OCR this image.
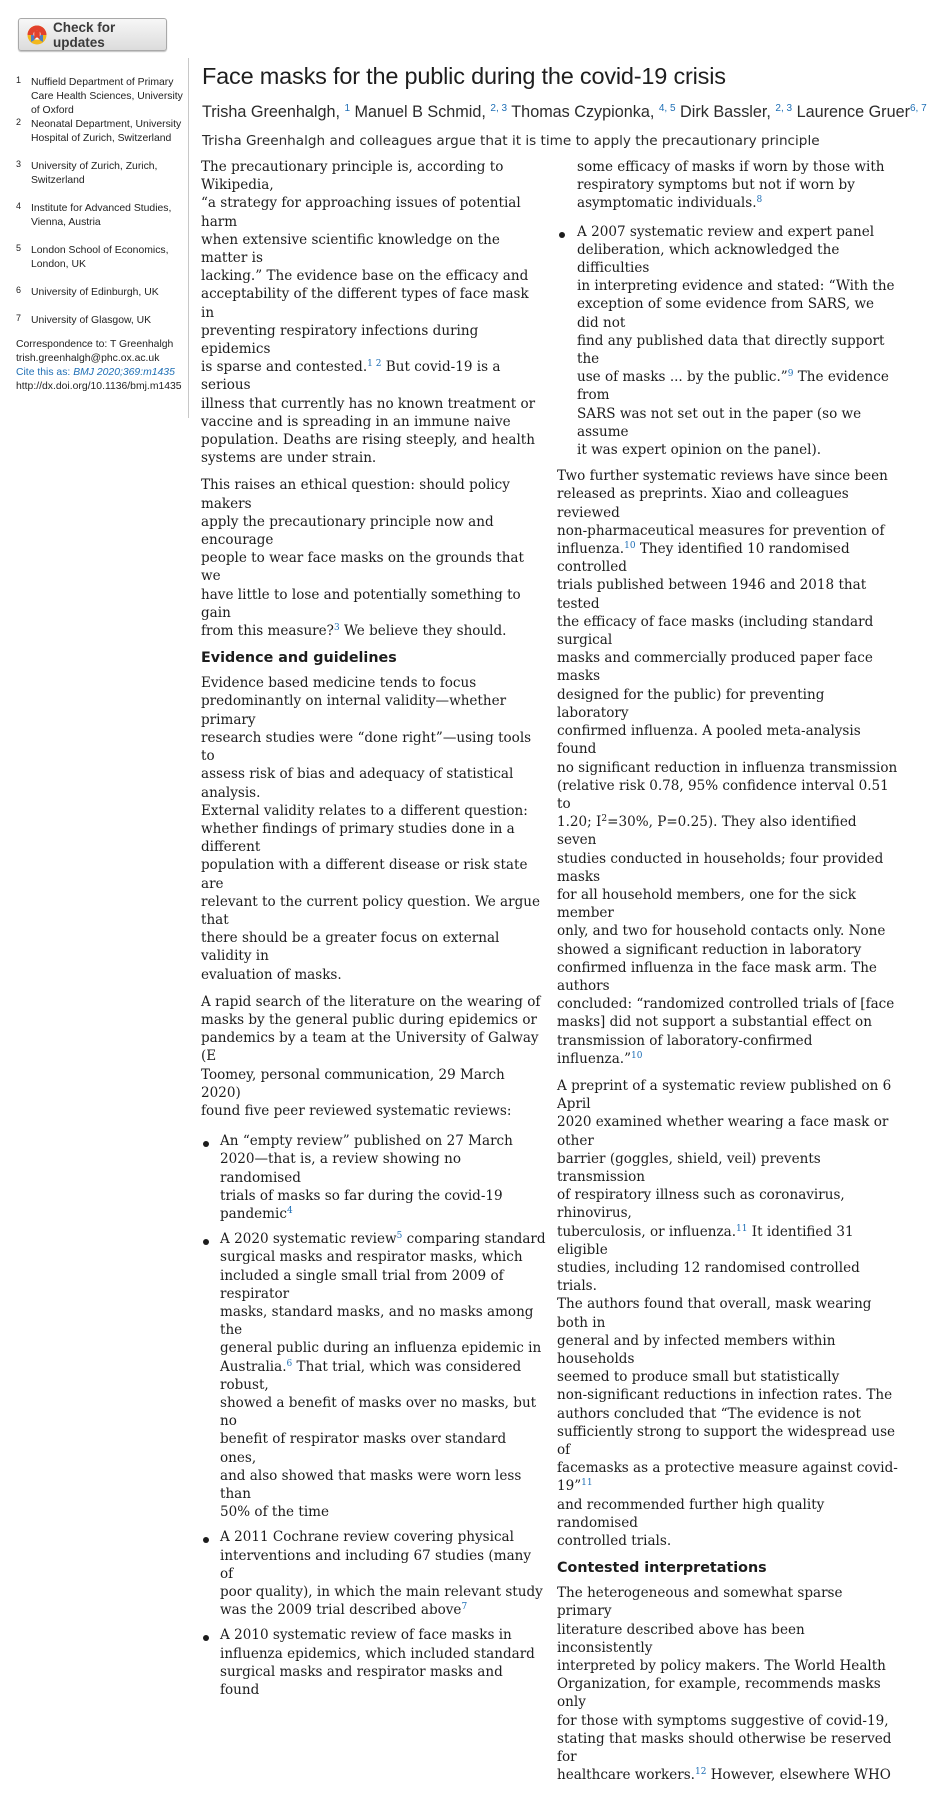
Check for updates
1 Nuffield Department of Primary Care Health Sciences, University of Oxford
2 Neonatal Department, University Hospital of Zurich, Switzerland
3 University of Zurich, Zurich, Switzerland
4 Institute for Advanced Studies, Vienna, Austria
5 London School of Economics, London, UK
6 University of Edinburgh, UK
7 University of Glasgow, UK
Correspondence to: T Greenhalgh
trish.greenhalgh@phc.ox.ac.uk
Cite this as: BMJ 2020;369:m1435
http://dx.doi.org/10.1136/bmj.m1435
Face masks for the public during the covid-19 crisis
Trisha Greenhalgh, $^1$ Manuel B Schmid, $^{2, 3}$ Thomas Czypionka, $^{4, 5}$ Dirk Bassler, $^{2, 3}$ Laurence Gruer$^{6, 7}$
Trisha Greenhalgh and colleagues argue that it is time to apply the precautionary principle

The precautionary principle is, according to Wikipedia,
“a strategy for approaching issues of potential harm
when extensive scientific knowledge on the matter is
lacking.” The evidence base on the efficacy and
acceptability of the different types of face mask in
preventing respiratory infections during epidemics
is sparse and contested.$^{1 2}$ But covid-19 is a serious
illness that currently has no known treatment or
vaccine and is spreading in an immune naive
population. Deaths are rising steeply, and health
systems are under strain.

This raises an ethical question: should policy makers
apply the precautionary principle now and encourage
people to wear face masks on the grounds that we
have little to lose and potentially something to gain
from this measure?$^3$ We believe they should.

Evidence and guidelines

Evidence based medicine tends to focus
predominantly on internal validity—whether primary
research studies were “done right”—using tools to
assess risk of bias and adequacy of statistical analysis.
External validity relates to a different question:
whether findings of primary studies done in a different
population with a different disease or risk state are
relevant to the current policy question. We argue that
there should be a greater focus on external validity in
evaluation of masks.

A rapid search of the literature on the wearing of
masks by the general public during epidemics or
pandemics by a team at the University of Galway (E
Toomey, personal communication, 29 March 2020)
found five peer reviewed systematic reviews:

An “empty review” published on 27 March
2020—that is, a review showing no randomised
trials of masks so far during the covid-19
pandemic$^4$
A 2020 systematic review$^5$ comparing standard
surgical masks and respirator masks, which
included a single small trial from 2009 of respirator
masks, standard masks, and no masks among the
general public during an influenza epidemic in
Australia.$^6$ That trial, which was considered robust,
showed a benefit of masks over no masks, but no
benefit of respirator masks over standard ones,
and also showed that masks were worn less than
50% of the time
A 2011 Cochrane review covering physical
interventions and including 67 studies (many of
poor quality), in which the main relevant study
was the 2009 trial described above$^7$
A 2010 systematic review of face masks in
influenza epidemics, which included standard
surgical masks and respirator masks and found
some efficacy of masks if worn by those with
respiratory symptoms but not if worn by
asymptomatic individuals.$^8$
A 2007 systematic review and expert panel
deliberation, which acknowledged the difficulties
in interpreting evidence and stated: “With the
exception of some evidence from SARS, we did not
find any published data that directly support the
use of masks ... by the public.”$^9$ The evidence from
SARS was not set out in the paper (so we assume
it was expert opinion on the panel).

Two further systematic reviews have since been
released as preprints. Xiao and colleagues reviewed
non-pharmaceutical measures for prevention of
influenza.$^{10}$ They identified 10 randomised controlled
trials published between 1946 and 2018 that tested
the efficacy of face masks (including standard surgical
masks and commercially produced paper face masks
designed for the public) for preventing laboratory
confirmed influenza. A pooled meta-analysis found
no significant reduction in influenza transmission
(relative risk 0.78, 95% confidence interval 0.51 to
1.20; $I^2=30\%$, P=0.25). They also identified seven
studies conducted in households; four provided masks
for all household members, one for the sick member
only, and two for household contacts only. None
showed a significant reduction in laboratory
confirmed influenza in the face mask arm. The authors
concluded: “randomized controlled trials of [face
masks] did not support a substantial effect on
transmission of laboratory-confirmed influenza.”$^{10}$

A preprint of a systematic review published on 6 April
2020 examined whether wearing a face mask or other
barrier (goggles, shield, veil) prevents transmission
of respiratory illness such as coronavirus, rhinovirus,
tuberculosis, or influenza.$^{11}$ It identified 31 eligible
studies, including 12 randomised controlled trials.
The authors found that overall, mask wearing both in
general and by infected members within households
seemed to produce small but statistically
non-significant reductions in infection rates. The
authors concluded that “The evidence is not
sufficiently strong to support the widespread use of
facemasks as a protective measure against covid-19”$^{11}$
and recommended further high quality randomised
controlled trials.

Contested interpretations

The heterogeneous and somewhat sparse primary
literature described above has been inconsistently
interpreted by policy makers. The World Health
Organization, for example, recommends masks only
for those with symptoms suggestive of covid-19,
stating that masks should otherwise be reserved for
healthcare workers.$^{12}$ However, elsewhere WHO
